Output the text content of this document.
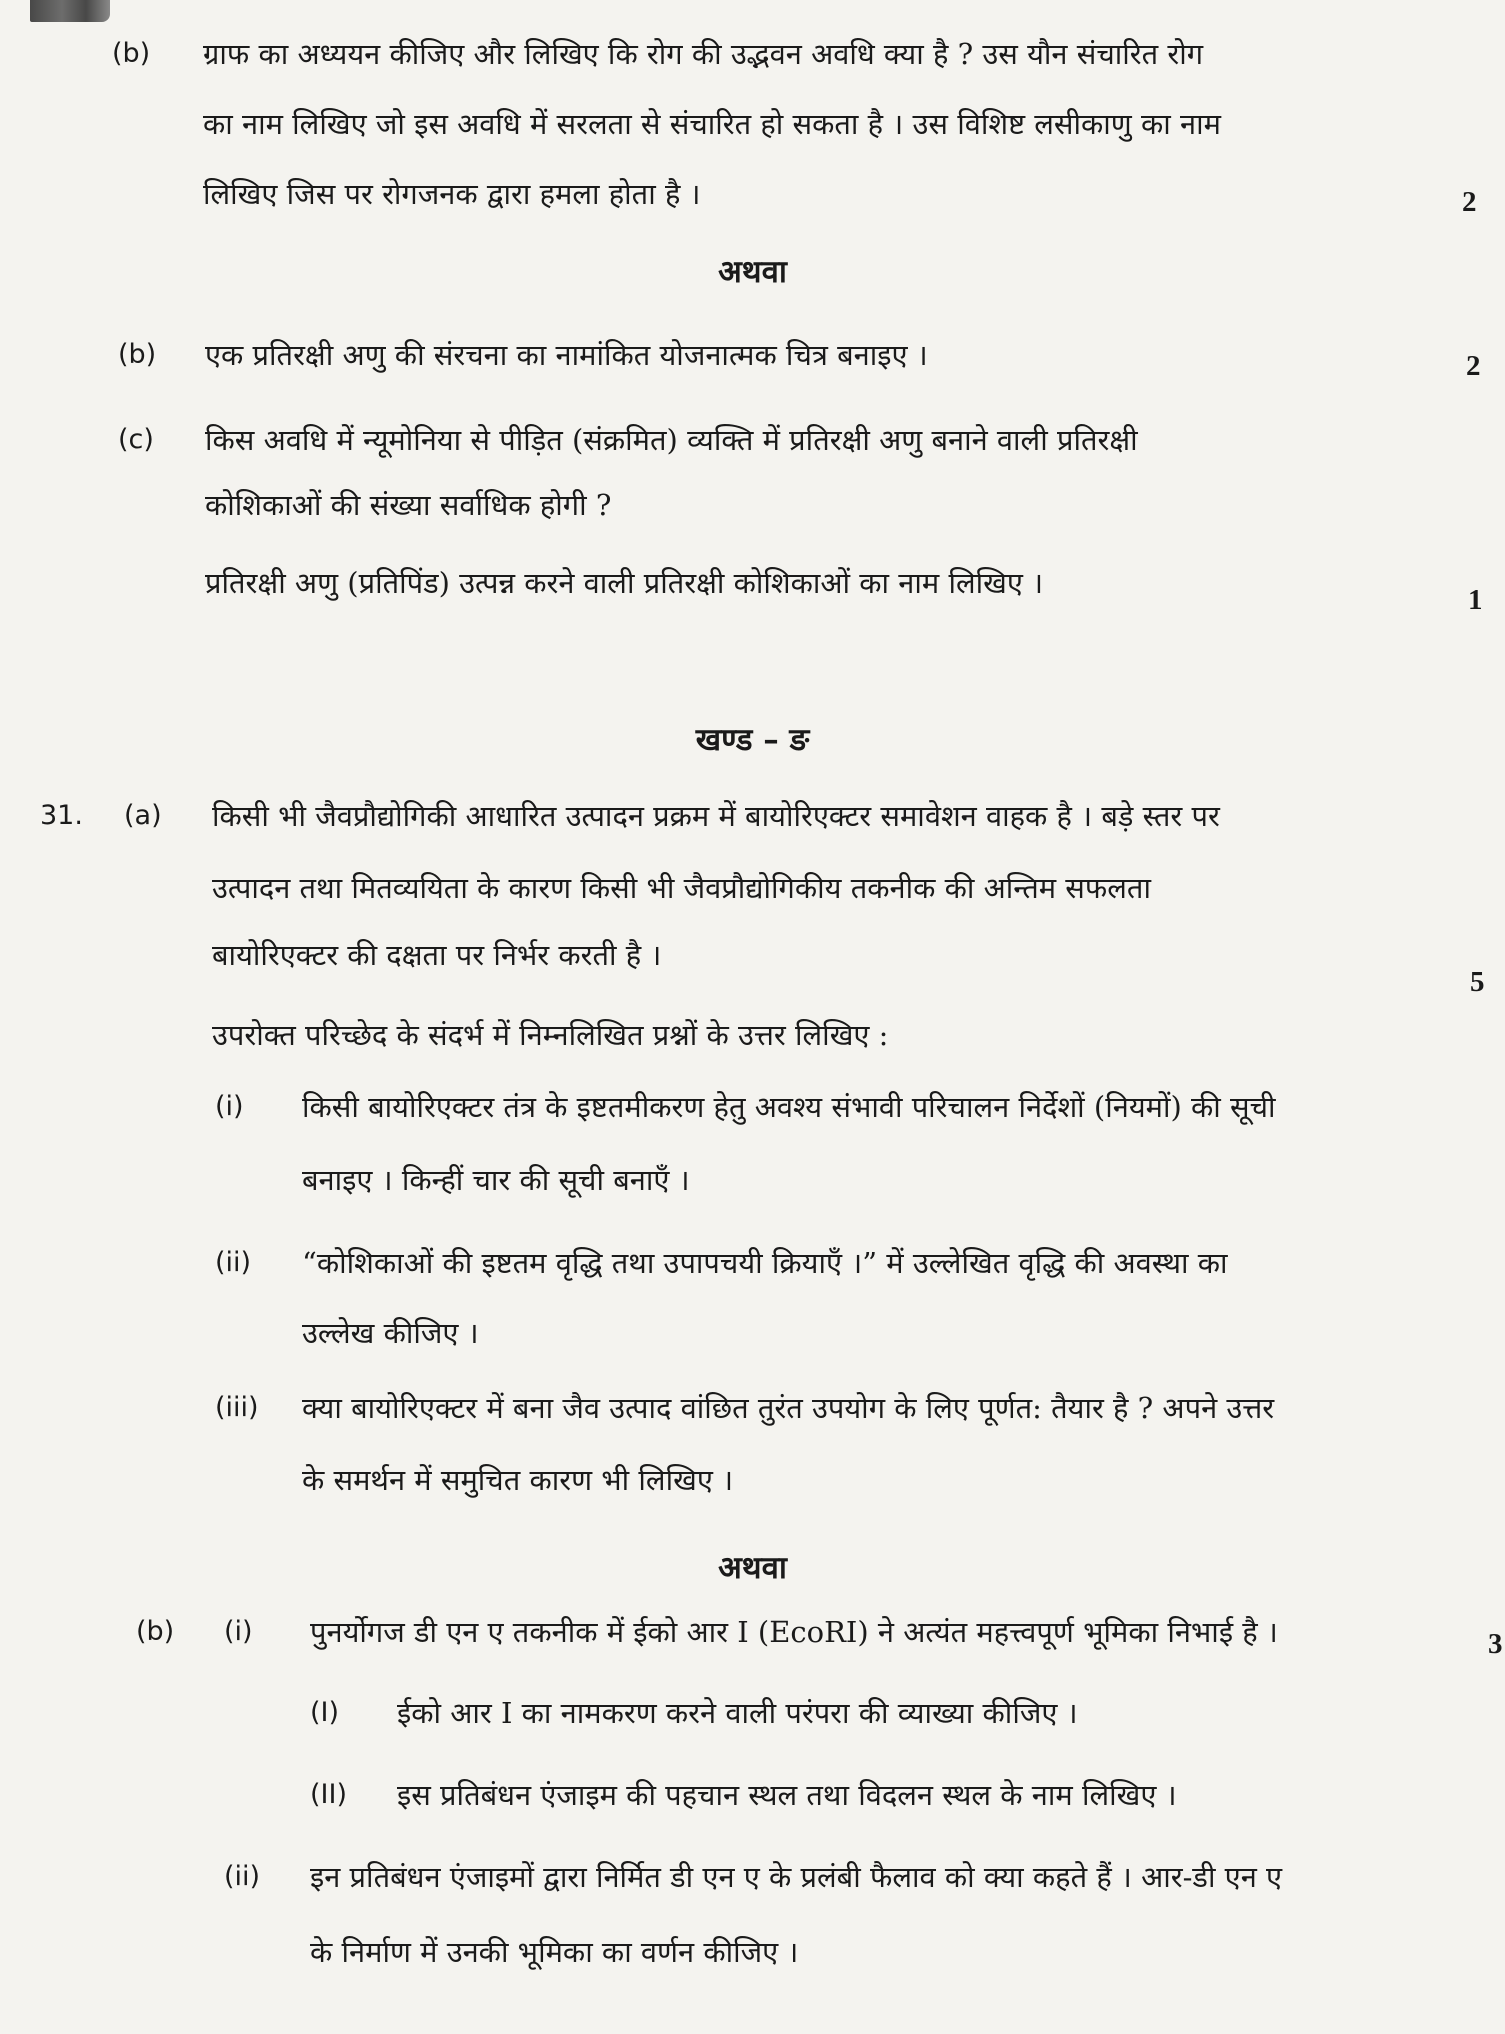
(b) ग्राफ का अध्ययन कीजिए और लिखिए कि रोग की उद्भवन अवधि क्या है ? उस यौन संचारित रोग
का नाम लिखिए जो इस अवधि में सरलता से संचारित हो सकता है । उस विशिष्ट लसीकाणु का नाम
लिखिए जिस पर रोगजनक द्वारा हमला होता है ।	2
अथवा
(b) एक प्रतिरक्षी अणु की संरचना का नामांकित योजनात्मक चित्र बनाइए ।	2
(c) किस अवधि में न्यूमोनिया से पीड़ित (संक्रमित) व्यक्ति में प्रतिरक्षी अणु बनाने वाली प्रतिरक्षी
कोशिकाओं की संख्या सर्वाधिक होगी ?
प्रतिरक्षी अणु (प्रतिपिंड) उत्पन्न करने वाली प्रतिरक्षी कोशिकाओं का नाम लिखिए ।	1
खण्ड – ङ
31. (a) किसी भी जैवप्रौद्योगिकी आधारित उत्पादन प्रक्रम में बायोरिएक्टर समावेशन वाहक है । बड़े स्तर पर
उत्पादन तथा मितव्ययिता के कारण किसी भी जैवप्रौद्योगिकीय तकनीक की अन्तिम सफलता
बायोरिएक्टर की दक्षता पर निर्भर करती है ।
5
उपरोक्त परिच्छेद के संदर्भ में निम्नलिखित प्रश्नों के उत्तर लिखिए :
(i) किसी बायोरिएक्टर तंत्र के इष्टतमीकरण हेतु अवश्य संभावी परिचालन निर्देशों (नियमों) की सूची
बनाइए । किन्हीं चार की सूची बनाएँ ।
(ii) “कोशिकाओं की इष्टतम वृद्धि तथा उपापचयी क्रियाएँ ।” में उल्लेखित वृद्धि की अवस्था का
उल्लेख कीजिए ।
(iii) क्या बायोरिएक्टर में बना जैव उत्पाद वांछित तुरंत उपयोग के लिए पूर्णत: तैयार है ? अपने उत्तर
के समर्थन में समुचित कारण भी लिखिए ।
अथवा
(b) (i) पुनर्योगज डी एन ए तकनीक में ईको आर I (EcoRI) ने अत्यंत महत्त्वपूर्ण भूमिका निभाई है ।	3
(I) ईको आर I का नामकरण करने वाली परंपरा की व्याख्या कीजिए ।
(II) इस प्रतिबंधन एंजाइम की पहचान स्थल तथा विदलन स्थल के नाम लिखिए ।
(ii) इन प्रतिबंधन एंजाइमों द्वारा निर्मित डी एन ए के प्रलंबी फैलाव को क्या कहते हैं । आर-डी एन ए
के निर्माण में उनकी भूमिका का वर्णन कीजिए ।
